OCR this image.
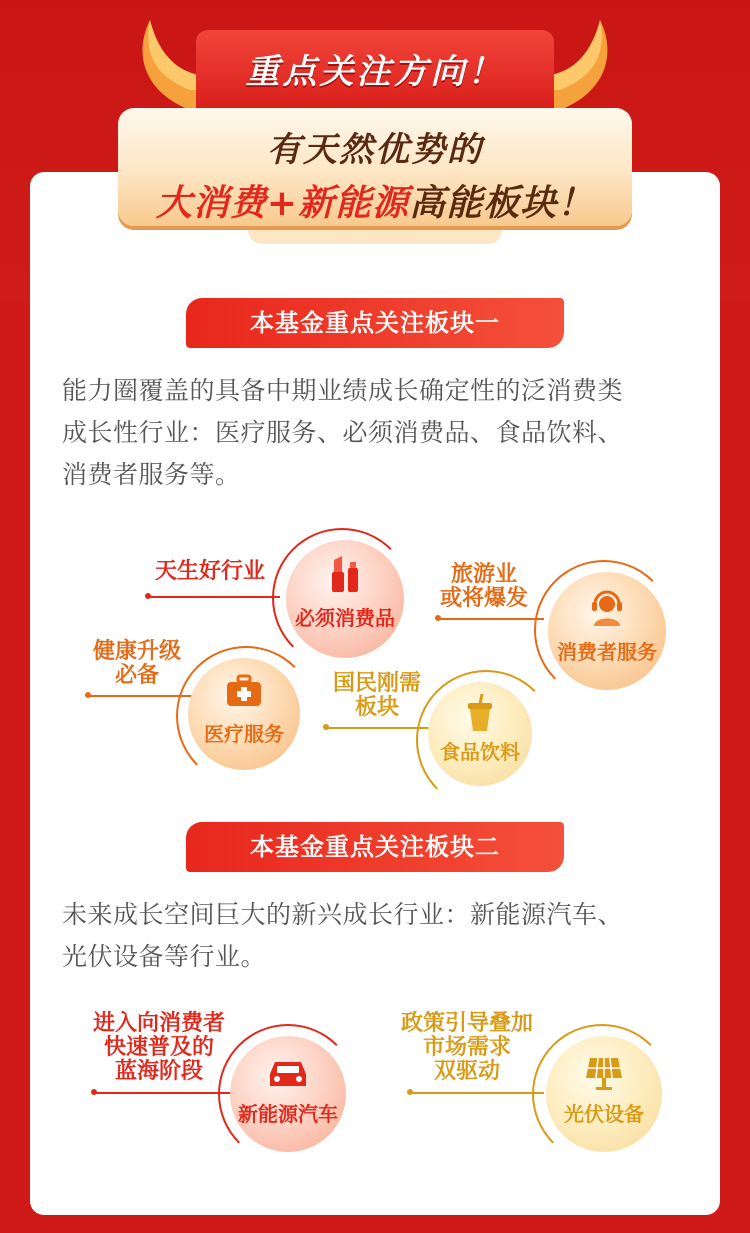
重点关注方向！
有天然优势的
大消费+新能源高能板块！
本基金重点关注板块一
能力圈覆盖的具备中期业绩成长确定性的泛消费类
成长性行业：医疗服务、必须消费品、食品饮料、
消费者服务等。
天生好行业
必须消费品
旅游业
或将爆发
消费者服务
健康升级
必备
医疗服务
国民刚需
板块
食品饮料
本基金重点关注板块二
未来成长空间巨大的新兴成长行业：新能源汽车、
光伏设备等行业。
进入向消费者
快速普及的
蓝海阶段
新能源汽车
政策引导叠加
市场需求
双驱动
光伏设备
